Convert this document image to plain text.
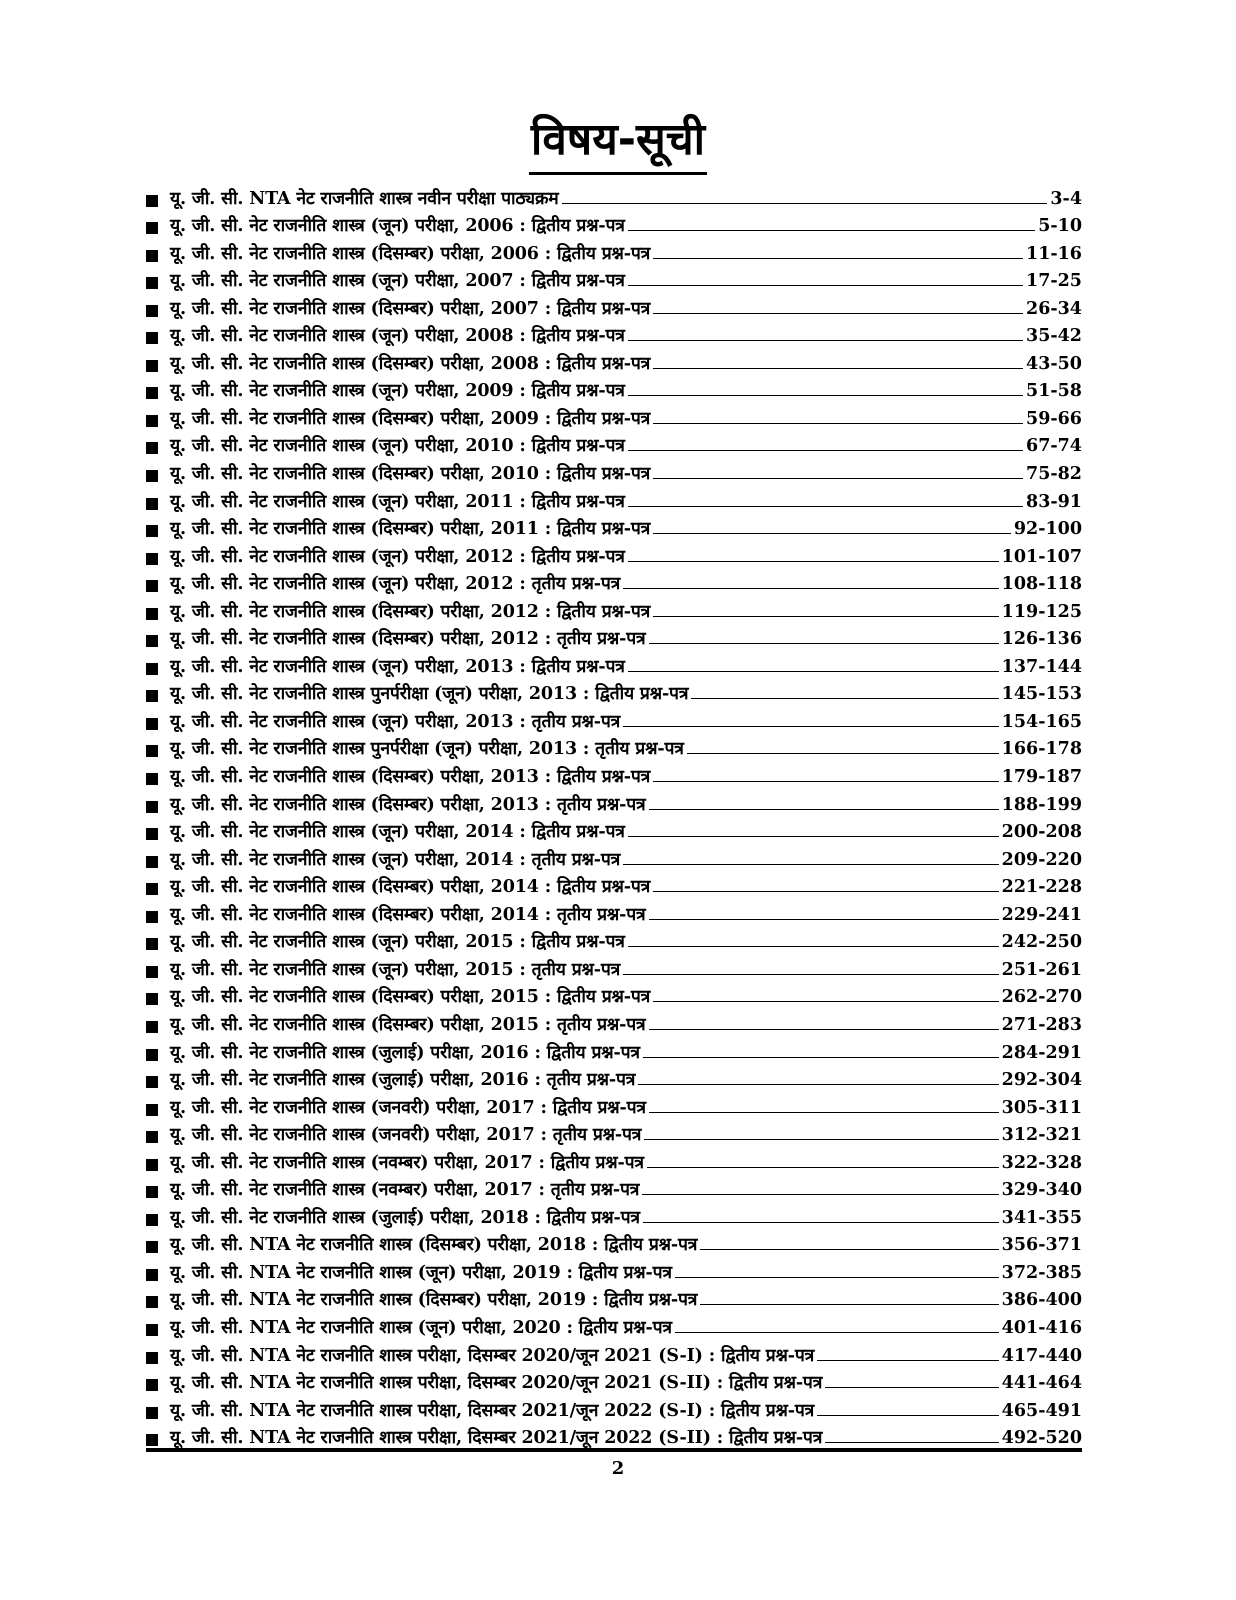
विषय-सूची
यू. जी. सी. NTA नेट राजनीति शास्त्र नवीन परीक्षा पाठ्यक्रम	3-4
यू. जी. सी. नेट राजनीति शास्त्र (जून) परीक्षा, 2006 : द्वितीय प्रश्न-पत्र	5-10
यू. जी. सी. नेट राजनीति शास्त्र (दिसम्बर) परीक्षा, 2006 : द्वितीय प्रश्न-पत्र	11-16
यू. जी. सी. नेट राजनीति शास्त्र (जून) परीक्षा, 2007 : द्वितीय प्रश्न-पत्र	17-25
यू. जी. सी. नेट राजनीति शास्त्र (दिसम्बर) परीक्षा, 2007 : द्वितीय प्रश्न-पत्र	26-34
यू. जी. सी. नेट राजनीति शास्त्र (जून) परीक्षा, 2008 : द्वितीय प्रश्न-पत्र	35-42
यू. जी. सी. नेट राजनीति शास्त्र (दिसम्बर) परीक्षा, 2008 : द्वितीय प्रश्न-पत्र	43-50
यू. जी. सी. नेट राजनीति शास्त्र (जून) परीक्षा, 2009 : द्वितीय प्रश्न-पत्र	51-58
यू. जी. सी. नेट राजनीति शास्त्र (दिसम्बर) परीक्षा, 2009 : द्वितीय प्रश्न-पत्र	59-66
यू. जी. सी. नेट राजनीति शास्त्र (जून) परीक्षा, 2010 : द्वितीय प्रश्न-पत्र	67-74
यू. जी. सी. नेट राजनीति शास्त्र (दिसम्बर) परीक्षा, 2010 : द्वितीय प्रश्न-पत्र	75-82
यू. जी. सी. नेट राजनीति शास्त्र (जून) परीक्षा, 2011 : द्वितीय प्रश्न-पत्र	83-91
यू. जी. सी. नेट राजनीति शास्त्र (दिसम्बर) परीक्षा, 2011 : द्वितीय प्रश्न-पत्र	92-100
यू. जी. सी. नेट राजनीति शास्त्र (जून) परीक्षा, 2012 : द्वितीय प्रश्न-पत्र	101-107
यू. जी. सी. नेट राजनीति शास्त्र (जून) परीक्षा, 2012 : तृतीय प्रश्न-पत्र	108-118
यू. जी. सी. नेट राजनीति शास्त्र (दिसम्बर) परीक्षा, 2012 : द्वितीय प्रश्न-पत्र	119-125
यू. जी. सी. नेट राजनीति शास्त्र (दिसम्बर) परीक्षा, 2012 : तृतीय प्रश्न-पत्र	126-136
यू. जी. सी. नेट राजनीति शास्त्र (जून) परीक्षा, 2013 : द्वितीय प्रश्न-पत्र	137-144
यू. जी. सी. नेट राजनीति शास्त्र पुनर्परीक्षा (जून) परीक्षा, 2013 : द्वितीय प्रश्न-पत्र	145-153
यू. जी. सी. नेट राजनीति शास्त्र (जून) परीक्षा, 2013 : तृतीय प्रश्न-पत्र	154-165
यू. जी. सी. नेट राजनीति शास्त्र पुनर्परीक्षा (जून) परीक्षा, 2013 : तृतीय प्रश्न-पत्र	166-178
यू. जी. सी. नेट राजनीति शास्त्र (दिसम्बर) परीक्षा, 2013 : द्वितीय प्रश्न-पत्र	179-187
यू. जी. सी. नेट राजनीति शास्त्र (दिसम्बर) परीक्षा, 2013 : तृतीय प्रश्न-पत्र	188-199
यू. जी. सी. नेट राजनीति शास्त्र (जून) परीक्षा, 2014 : द्वितीय प्रश्न-पत्र	200-208
यू. जी. सी. नेट राजनीति शास्त्र (जून) परीक्षा, 2014 : तृतीय प्रश्न-पत्र	209-220
यू. जी. सी. नेट राजनीति शास्त्र (दिसम्बर) परीक्षा, 2014 : द्वितीय प्रश्न-पत्र	221-228
यू. जी. सी. नेट राजनीति शास्त्र (दिसम्बर) परीक्षा, 2014 : तृतीय प्रश्न-पत्र	229-241
यू. जी. सी. नेट राजनीति शास्त्र (जून) परीक्षा, 2015 : द्वितीय प्रश्न-पत्र	242-250
यू. जी. सी. नेट राजनीति शास्त्र (जून) परीक्षा, 2015 : तृतीय प्रश्न-पत्र	251-261
यू. जी. सी. नेट राजनीति शास्त्र (दिसम्बर) परीक्षा, 2015 : द्वितीय प्रश्न-पत्र	262-270
यू. जी. सी. नेट राजनीति शास्त्र (दिसम्बर) परीक्षा, 2015 : तृतीय प्रश्न-पत्र	271-283
यू. जी. सी. नेट राजनीति शास्त्र (जुलाई) परीक्षा, 2016 : द्वितीय प्रश्न-पत्र	284-291
यू. जी. सी. नेट राजनीति शास्त्र (जुलाई) परीक्षा, 2016 : तृतीय प्रश्न-पत्र	292-304
यू. जी. सी. नेट राजनीति शास्त्र (जनवरी) परीक्षा, 2017 : द्वितीय प्रश्न-पत्र	305-311
यू. जी. सी. नेट राजनीति शास्त्र (जनवरी) परीक्षा, 2017 : तृतीय प्रश्न-पत्र	312-321
यू. जी. सी. नेट राजनीति शास्त्र (नवम्बर) परीक्षा, 2017 : द्वितीय प्रश्न-पत्र	322-328
यू. जी. सी. नेट राजनीति शास्त्र (नवम्बर) परीक्षा, 2017 : तृतीय प्रश्न-पत्र	329-340
यू. जी. सी. नेट राजनीति शास्त्र (जुलाई) परीक्षा, 2018 : द्वितीय प्रश्न-पत्र	341-355
यू. जी. सी. NTA नेट राजनीति शास्त्र (दिसम्बर) परीक्षा, 2018 : द्वितीय प्रश्न-पत्र	356-371
यू. जी. सी. NTA नेट राजनीति शास्त्र (जून) परीक्षा, 2019 : द्वितीय प्रश्न-पत्र	372-385
यू. जी. सी. NTA नेट राजनीति शास्त्र (दिसम्बर) परीक्षा, 2019 : द्वितीय प्रश्न-पत्र	386-400
यू. जी. सी. NTA नेट राजनीति शास्त्र (जून) परीक्षा, 2020 : द्वितीय प्रश्न-पत्र	401-416
यू. जी. सी. NTA नेट राजनीति शास्त्र परीक्षा, दिसम्बर 2020/जून 2021 (S-I) : द्वितीय प्रश्न-पत्र	417-440
यू. जी. सी. NTA नेट राजनीति शास्त्र परीक्षा, दिसम्बर 2020/जून 2021 (S-II) : द्वितीय प्रश्न-पत्र	441-464
यू. जी. सी. NTA नेट राजनीति शास्त्र परीक्षा, दिसम्बर 2021/जून 2022 (S-I) : द्वितीय प्रश्न-पत्र	465-491
यू. जी. सी. NTA नेट राजनीति शास्त्र परीक्षा, दिसम्बर 2021/जून 2022 (S-II) : द्वितीय प्रश्न-पत्र	492-520
2
